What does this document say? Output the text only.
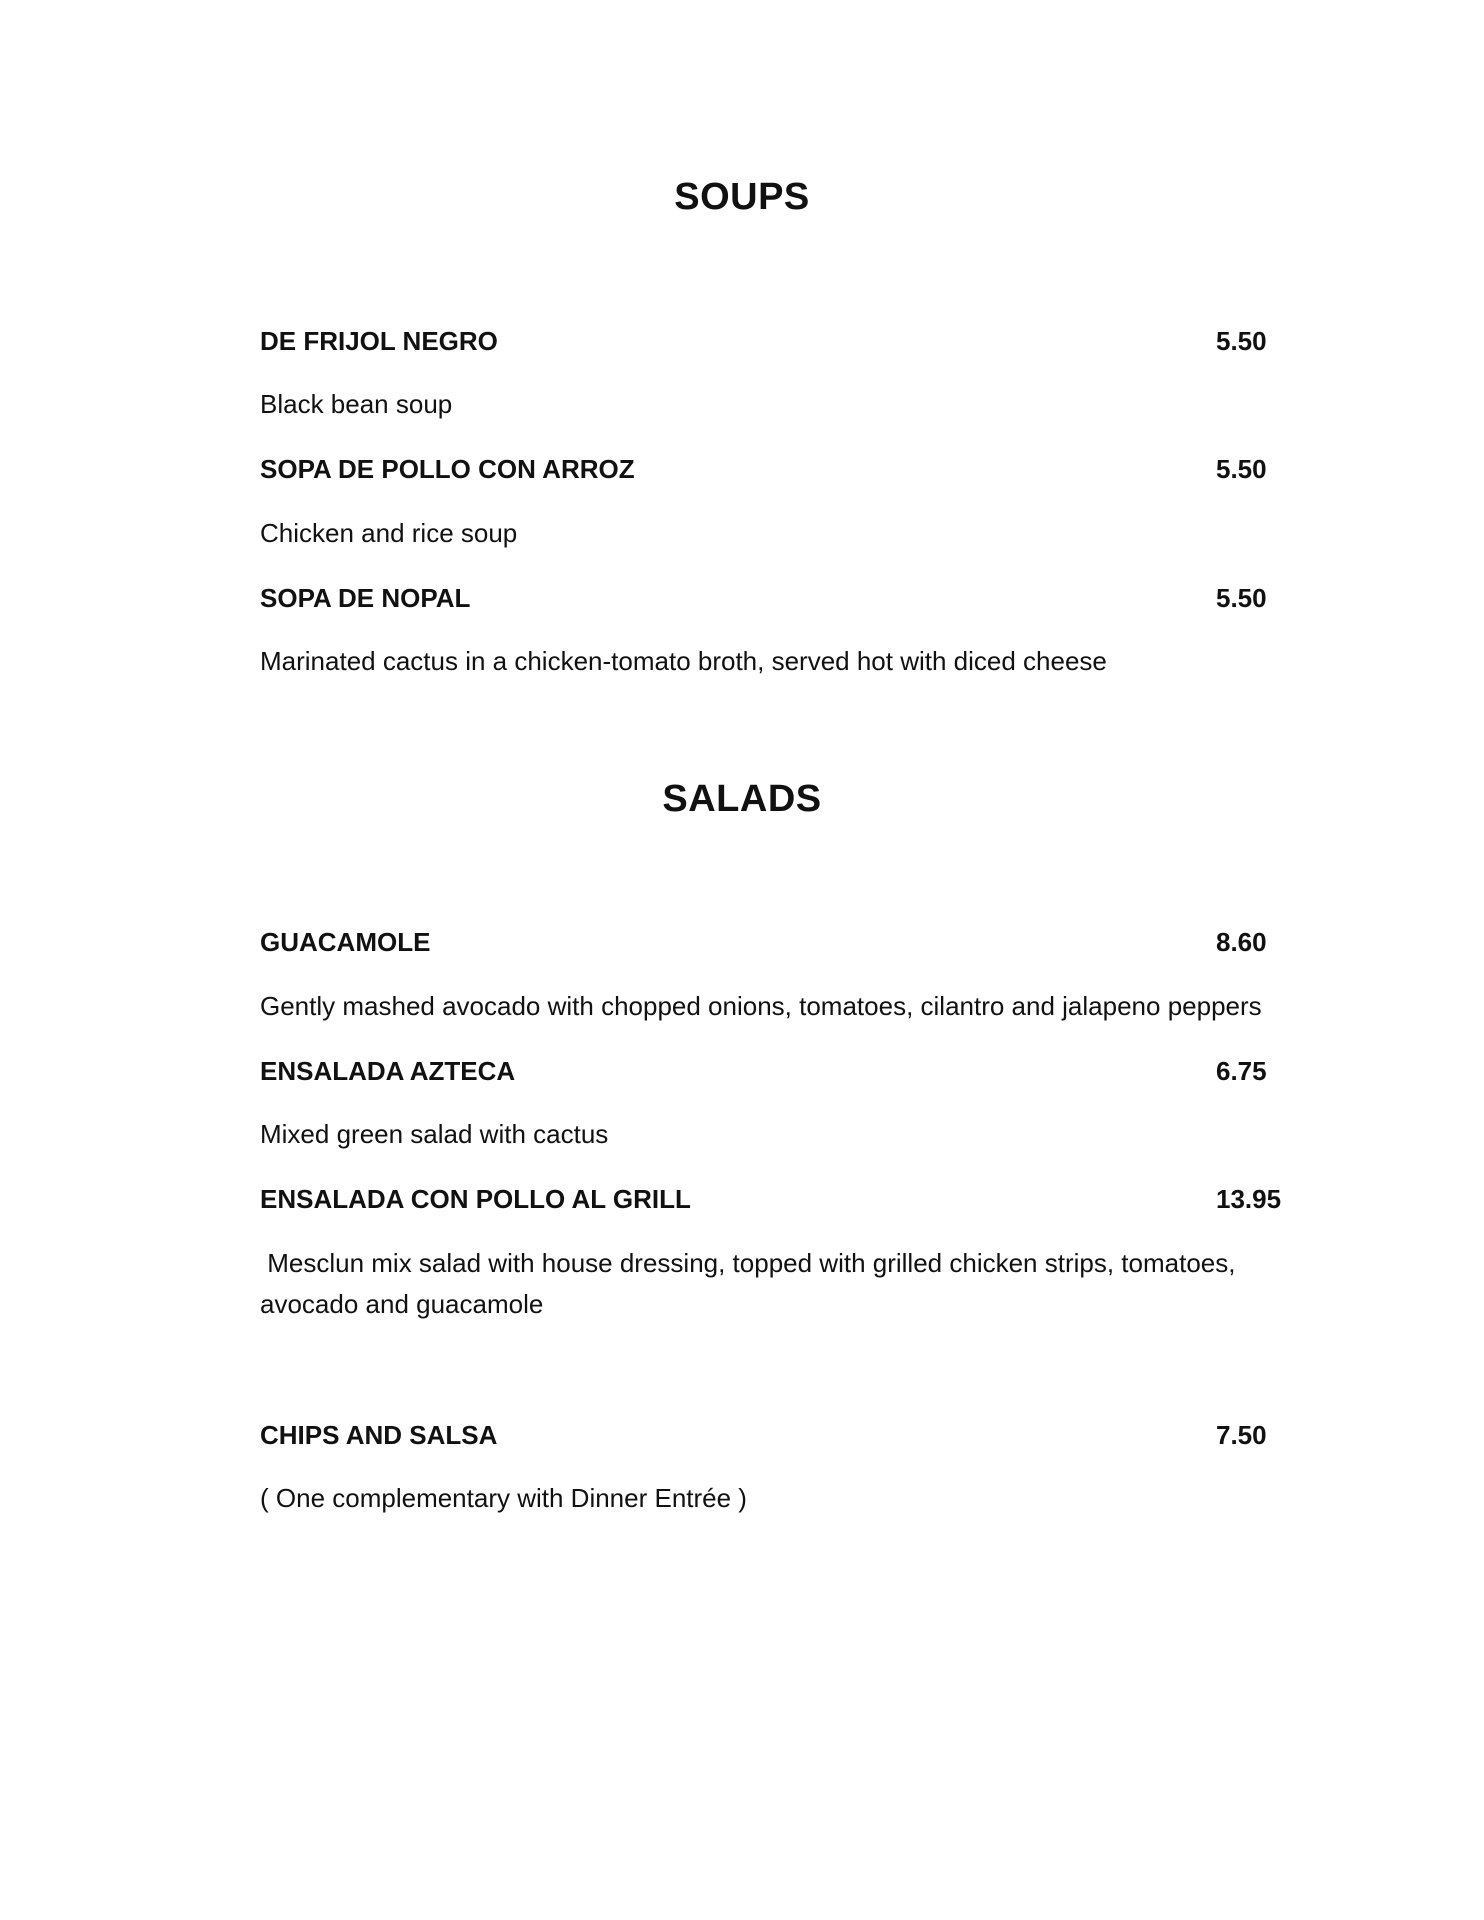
SOUPS
DE FRIJOL NEGRO	5.50
Black bean soup
SOPA DE POLLO CON ARROZ	5.50
Chicken and rice soup
SOPA DE NOPAL	5.50
Marinated cactus in a chicken-tomato broth, served hot with diced cheese
SALADS
GUACAMOLE	8.60
Gently mashed avocado with chopped onions, tomatoes, cilantro and jalapeno peppers
ENSALADA AZTECA	6.75
Mixed green salad with cactus
ENSALADA CON POLLO AL GRILL	13.95
Mesclun mix salad with house dressing, topped with grilled chicken strips, tomatoes,
avocado and guacamole
CHIPS AND SALSA	7.50
( One complementary with Dinner Entrée )
